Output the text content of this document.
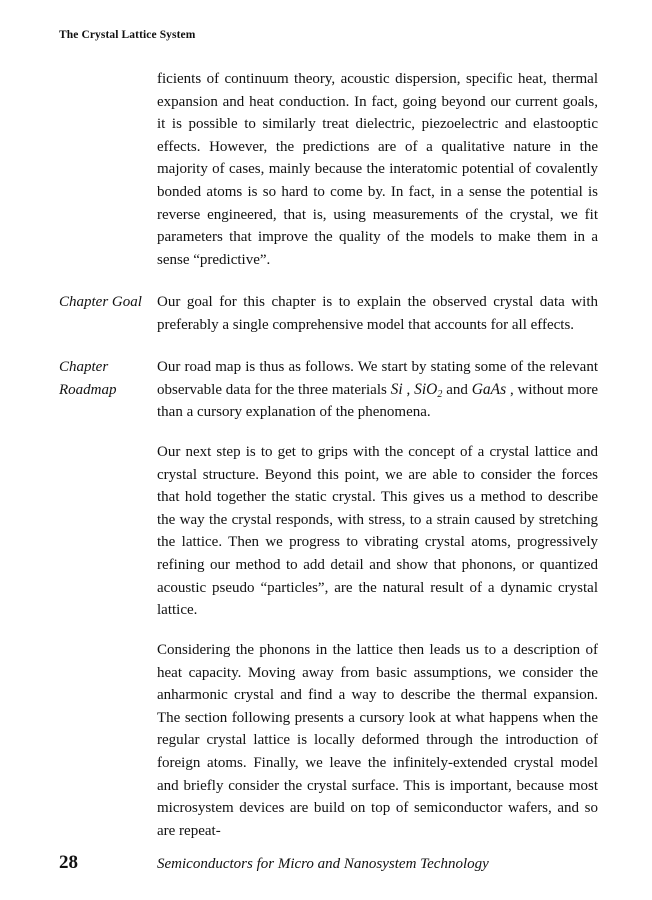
The Crystal Lattice System

ficients of continuum theory, acoustic dispersion, specific heat, thermal expansion and heat conduction. In fact, going beyond our current goals, it is possible to similarly treat dielectric, piezoelectric and elastooptic effects. However, the predictions are of a qualitative nature in the majority of cases, mainly because the interatomic potential of covalently bonded atoms is so hard to come by. In fact, in a sense the potential is reverse engineered, that is, using measurements of the crystal, we fit parameters that improve the quality of the models to make them in a sense “predictive”.

Chapter Goal	Our goal for this chapter is to explain the observed crystal data with preferably a single comprehensive model that accounts for all effects.

Chapter
Roadmap

Our road map is thus as follows. We start by stating some of the relevant observable data for the three materials Si , SiO$_2$ and GaAs , without more than a cursory explanation of the phenomena.

Our next step is to get to grips with the concept of a crystal lattice and crystal structure. Beyond this point, we are able to consider the forces that hold together the static crystal. This gives us a method to describe the way the crystal responds, with stress, to a strain caused by stretching the lattice. Then we progress to vibrating crystal atoms, progressively refining our method to add detail and show that phonons, or quantized acoustic pseudo “particles”, are the natural result of a dynamic crystal lattice.

Considering the phonons in the lattice then leads us to a description of heat capacity. Moving away from basic assumptions, we consider the anharmonic crystal and find a way to describe the thermal expansion. The section following presents a cursory look at what happens when the regular crystal lattice is locally deformed through the introduction of foreign atoms. Finally, we leave the infinitely-extended crystal model and briefly consider the crystal surface. This is important, because most microsystem devices are build on top of semiconductor wafers, and so are repeat-

28	Semiconductors for Micro and Nanosystem Technology
